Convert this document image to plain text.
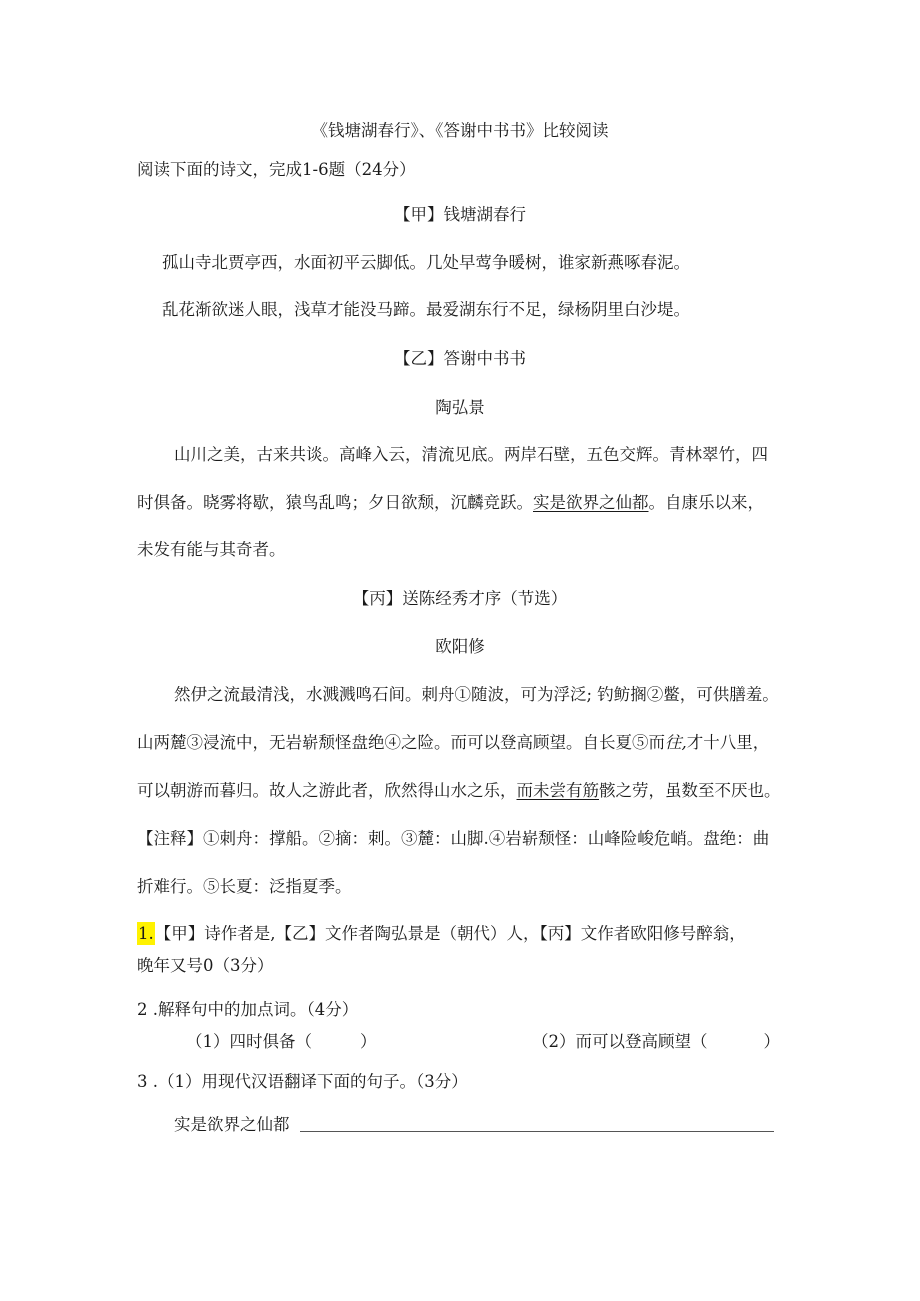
《钱塘湖春行》、《答谢中书书》比较阅读

阅读下面的诗文，完成1-6题（24分）

【甲】钱塘湖春行

孤山寺北贾亭西，水面初平云脚低。几处早莺争暖树，谁家新燕啄春泥。

乱花渐欲迷人眼，浅草才能没马蹄。最爱湖东行不足，绿杨阴里白沙堤。

【乙】答谢中书书

陶弘景

山川之美，古来共谈。高峰入云，清流见底。两岸石壁，五色交辉。青林翠竹，四

时俱备。晓雾将歇，猿鸟乱鸣；夕日欲颓，沉麟竞跃。实是欲界之仙都。自康乐以来，

未发有能与其奇者。

【丙】送陈经秀才序（节选）

欧阳修

然伊之流最清浅，水溅溅鸣石间。刺舟①随波，可为浮泛; 钓鲂搁②鳖，可供膳羞。

山两麓③浸流中，无岩崭颓怪盘绝④之险。而可以登高顾望。自长夏⑤而往,才十八里，

可以朝游而暮归。故人之游此者，欣然得山水之乐，而未尝有筋骸之劳，虽数至不厌也。

【注释】①刺舟：撑船。②摘：刺。③麓：山脚.④岩崭颓怪：山峰险峻危峭。盘绝：曲

折难行。⑤长夏：泛指夏季。

1.【甲】诗作者是,【乙】文作者陶弘景是（朝代）人，【丙】文作者欧阳修号醉翁，

晚年又号0（3分）

2 .解释句中的加点词。（4分）

（1）四时俱备（	）	（2）而可以登高顾望（	）

3 .（1）用现代汉语翻译下面的句子。（3分）

实是欲界之仙都
